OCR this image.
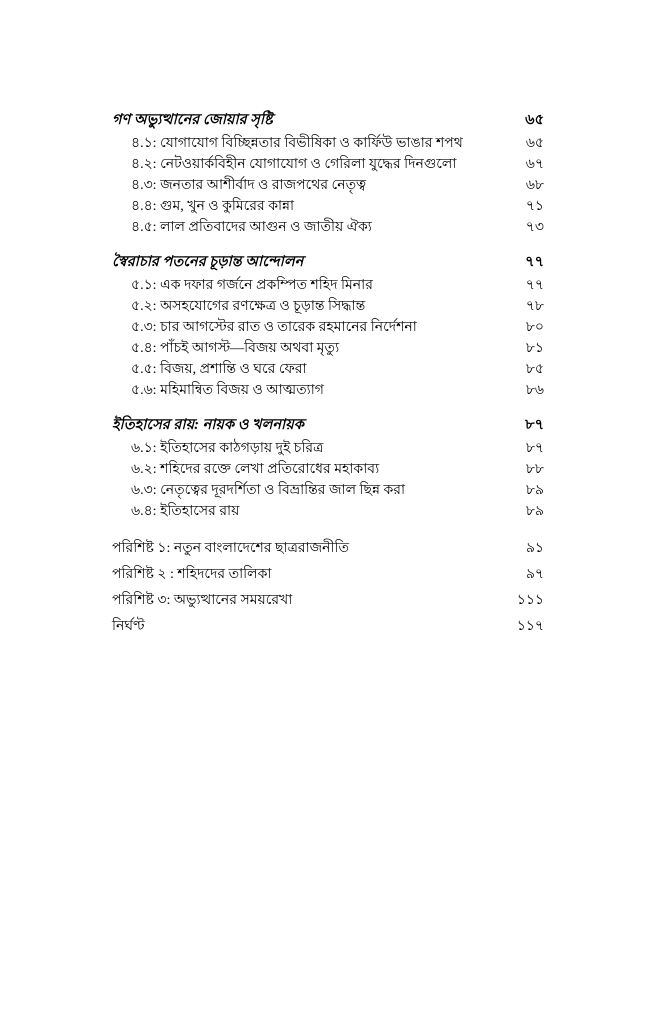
গণ অভ্যুত্থানের জোয়ার সৃষ্টি	৬৫
৪.১: যোগাযোগ বিচ্ছিন্নতার বিভীষিকা ও কার্ফিউ ভাঙার শপথ	৬৫
৪.২: নেটওয়ার্কবিহীন যোগাযোগ ও গেরিলা যুদ্ধের দিনগুলো	৬৭
৪.৩: জনতার আশীর্বাদ ও রাজপথের নেতৃত্ব	৬৮
৪.৪: গুম, খুন ও কুমিরের কান্না	৭১
৪.৫: লাল প্রতিবাদের আগুন ও জাতীয় ঐক্য	৭৩
স্বৈরাচার পতনের চূড়ান্ত আন্দোলন	৭৭
৫.১: এক দফার গর্জনে প্রকম্পিত শহিদ মিনার	৭৭
৫.২: অসহযোগের রণক্ষেত্র ও চূড়ান্ত সিদ্ধান্ত	৭৮
৫.৩: চার আগস্টের রাত ও তারেক রহমানের নির্দেশনা	৮০
৫.৪: পাঁচই আগস্ট—বিজয় অথবা মৃত্যু	৮১
৫.৫: বিজয়, প্রশান্তি ও ঘরে ফেরা	৮৫
৫.৬: মহিমান্বিত বিজয় ও আত্মত্যাগ	৮৬
ইতিহাসের রায়: নায়ক ও খলনায়ক	৮৭
৬.১: ইতিহাসের কাঠগড়ায় দুই চরিত্র	৮৭
৬.২: শহিদের রক্তে লেখা প্রতিরোধের মহাকাব্য	৮৮
৬.৩: নেতৃত্বের দূরদর্শিতা ও বিভ্রান্তির জাল ছিন্ন করা	৮৯
৬.৪: ইতিহাসের রায়	৮৯
পরিশিষ্ট ১: নতুন বাংলাদেশের ছাত্ররাজনীতি	৯১
পরিশিষ্ট ২ : শহিদদের তালিকা	৯৭
পরিশিষ্ট ৩: অভ্যুত্থানের সময়রেখা	১১১
নির্ঘণ্ট	১১৭
